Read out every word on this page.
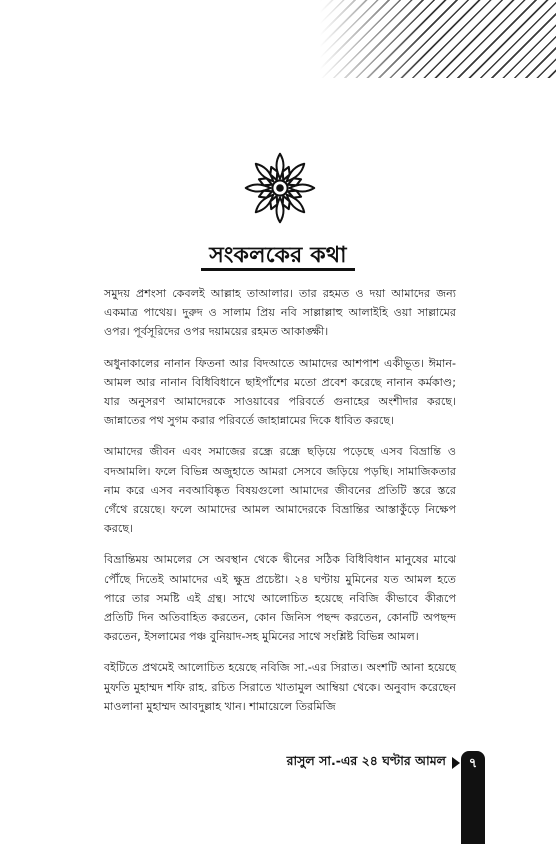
সংকলকের কথা

সমুদয় প্রশংসা কেবলই আল্লাহ তাআলার। তার রহমত ও দয়া আমাদের জন্য একমাত্র পাথেয়। দুরুদ ও সালাম প্রিয় নবি সাল্লাল্লাহু আলাইহি ওয়া সাল্লামের ওপর। পূর্বসূরিদের ওপর দয়াময়ের রহমত আকাঙ্ক্ষী।

অধুনাকালের নানান ফিতনা আর বিদআতে আমাদের আশপাশ একীভূত। ঈমান-আমল আর নানান বিধিবিধানে ছাইপাঁশের মতো প্রবেশ করেছে নানান কর্মকাণ্ড; যার অনুসরণ আমাদেরকে সাওয়াবের পরিবর্তে গুনাহের অংশীদার করছে। জান্নাতের পথ সুগম করার পরিবর্তে জাহান্নামের দিকে ধাবিত করছে।

আমাদের জীবন এবং সমাজের রন্ধ্রে রন্ধ্রে ছড়িয়ে পড়েছে এসব বিভ্রান্তি ও বদআমলি। ফলে বিভিন্ন অজুহাতে আমরা সেসবে জড়িয়ে পড়ছি। সামাজিকতার নাম করে এসব নবআবিষ্কৃত বিষয়গুলো আমাদের জীবনের প্রতিটি স্তরে স্তরে গেঁথে রয়েছে। ফলে আমাদের আমল আমাদেরকে বিভ্রান্তির আস্তাকুঁড়ে নিক্ষেপ করছে।

বিভ্রান্তিময় আমলের সে অবস্থান থেকে দ্বীনের সঠিক বিধিবিধান মানুষের মাঝে পৌঁছে দিতেই আমাদের এই ক্ষুদ্র প্রচেষ্টা। ২৪ ঘণ্টায় মুমিনের যত আমল হতে পারে তার সমষ্টি এই গ্রন্থ। সাথে আলোচিত হয়েছে নবিজি কীভাবে কীরূপে প্রতিটি দিন অতিবাহিত করতেন, কোন জিনিস পছন্দ করতেন, কোনটি অপছন্দ করতেন, ইসলামের পঞ্চ বুনিয়াদ-সহ মুমিনের সাথে সংশ্লিষ্ট বিভিন্ন আমল।

বইটিতে প্রথমেই আলোচিত হয়েছে নবিজি সা.-এর সিরাত। অংশটি আনা হয়েছে মুফতি মুহাম্মদ শফি রাহ. রচিত সিরাতে খাতামুল আম্বিয়া থেকে। অনুবাদ করেছেন মাওলানা মুহাম্মদ আবদুল্লাহ খান। শামায়েলে তিরমিজি

রাসুল সা.-এর ২৪ ঘণ্টার আমল	৭
